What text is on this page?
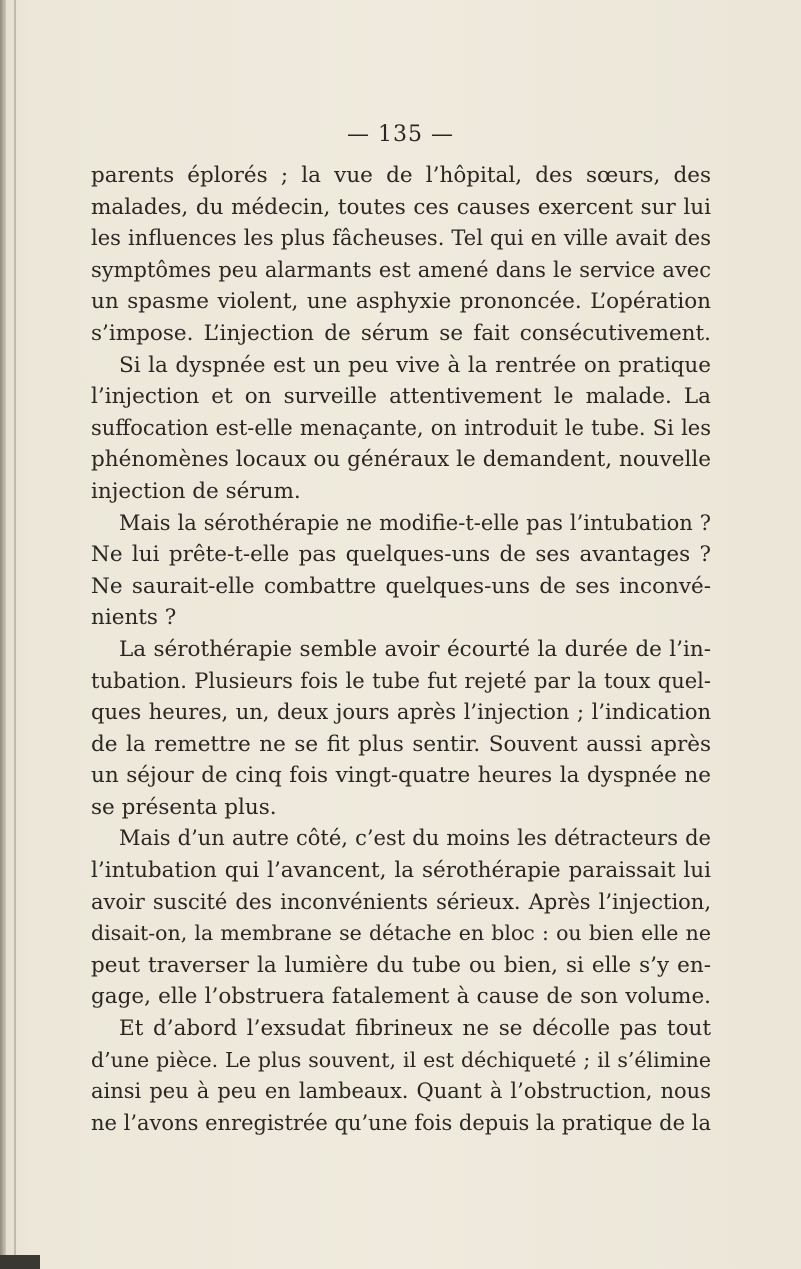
— 135 —
parents éplorés ; la vue de l’hôpital, des sœurs, des
malades, du médecin, toutes ces causes exercent sur lui
les influences les plus fâcheuses. Tel qui en ville avait des
symptômes peu alarmants est amené dans le service avec
un spasme violent, une asphyxie prononcée. L’opération
s’impose. L’injection de sérum se fait consécutivement.
Si la dyspnée est un peu vive à la rentrée on pratique
l’injection et on surveille attentivement le malade. La
suffocation est-elle menaçante, on introduit le tube. Si les
phénomènes locaux ou généraux le demandent, nouvelle
injection de sérum.
Mais la sérothérapie ne modifie-t-elle pas l’intubation ?
Ne lui prête-t-elle pas quelques-uns de ses avantages ?
Ne saurait-elle combattre quelques-uns de ses inconvé-
nients ?
La sérothérapie semble avoir écourté la durée de l’in-
tubation. Plusieurs fois le tube fut rejeté par la toux quel-
ques heures, un, deux jours après l’injection ; l’indication
de la remettre ne se fit plus sentir. Souvent aussi après
un séjour de cinq fois vingt-quatre heures la dyspnée ne
se présenta plus.
Mais d’un autre côté, c’est du moins les détracteurs de
l’intubation qui l’avancent, la sérothérapie paraissait lui
avoir suscité des inconvénients sérieux. Après l’injection,
disait-on, la membrane se détache en bloc : ou bien elle ne
peut traverser la lumière du tube ou bien, si elle s’y en-
gage, elle l’obstruera fatalement à cause de son volume.
Et d’abord l’exsudat fibrineux ne se décolle pas tout
d’une pièce. Le plus souvent, il est déchiqueté ; il s’élimine
ainsi peu à peu en lambeaux. Quant à l’obstruction, nous
ne l’avons enregistrée qu’une fois depuis la pratique de la
